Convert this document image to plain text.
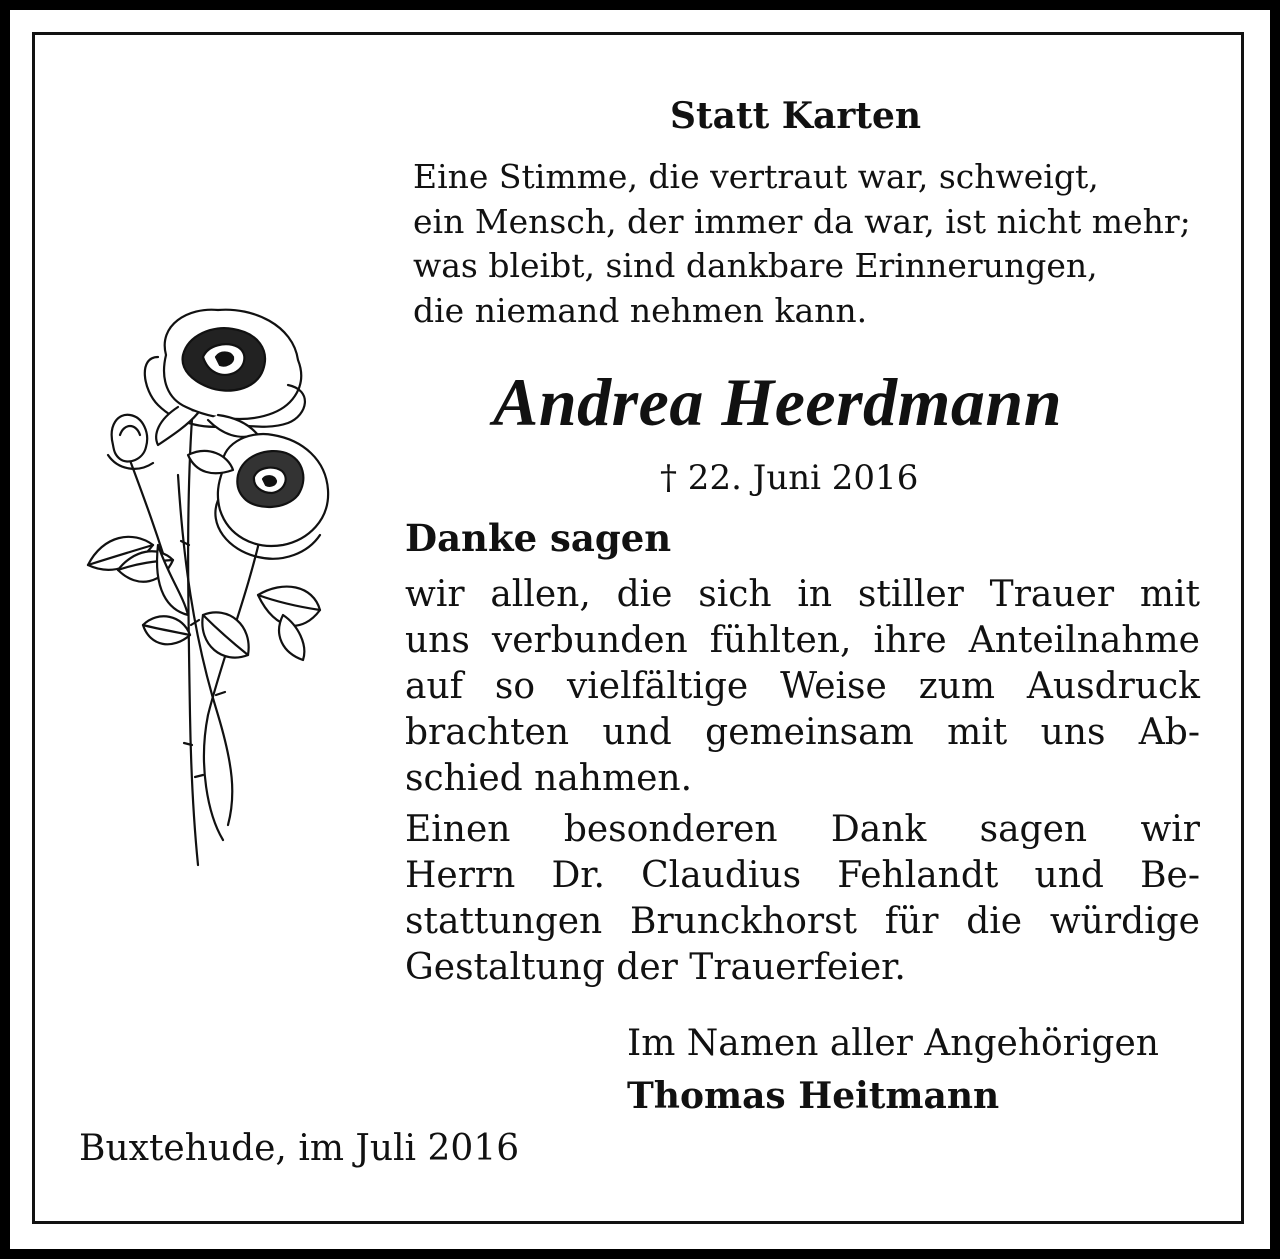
Statt Karten
Eine Stimme, die vertraut war, schweigt,
ein Mensch, der immer da war, ist nicht mehr;
was bleibt, sind dankbare Erinnerungen,
die niemand nehmen kann.
Andrea Heerdmann
† 22. Juni 2016
Danke sagen
wir allen, die sich in stiller Trauer mit
uns verbunden fühlten, ihre Anteilnahme
auf so vielfältige Weise zum Ausdruck
brachten und gemeinsam mit uns Ab-
schied nahmen.
Einen besonderen Dank sagen wir
Herrn Dr. Claudius Fehlandt und Be-
stattungen Brunckhorst für die würdige
Gestaltung der Trauerfeier.
Im Namen aller Angehörigen
Thomas Heitmann
Buxtehude, im Juli 2016
